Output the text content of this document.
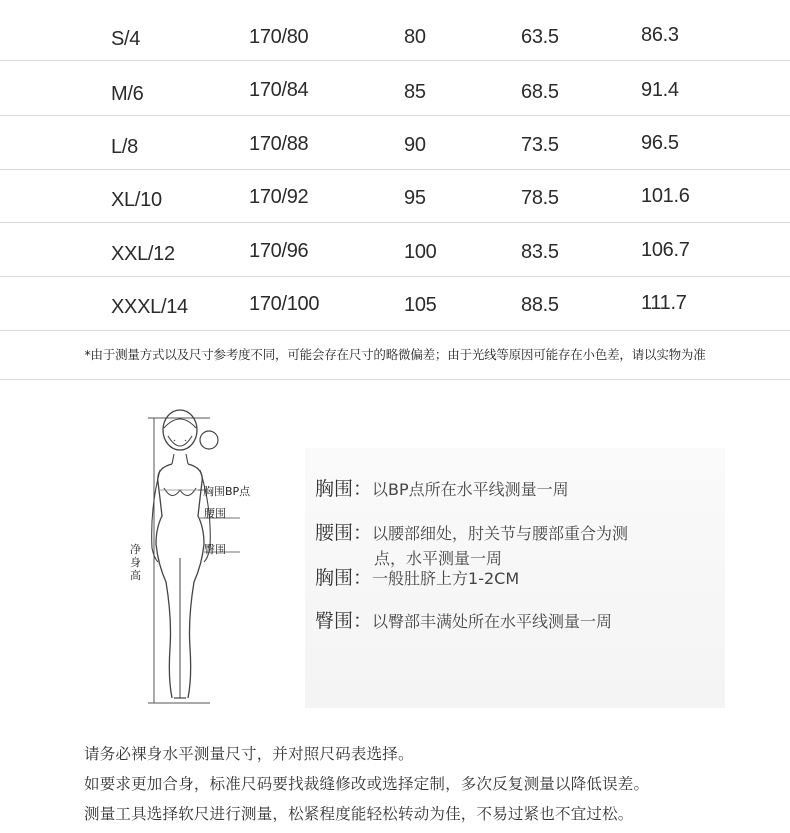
S/4	170/80	80	63.5	86.3
M/6	170/84	85	68.5	91.4
L/8	170/88	90	73.5	96.5
XL/10	170/92	95	78.5	101.6
XXL/12	170/96	100	83.5	106.7
XXXL/14	170/100	105	88.5	111.7
*由于测量方式以及尺寸参考度不同，可能会存在尺寸的略微偏差；由于光线等原因可能存在小色差，请以实物为准
胸围BP点
腰围
臀围
净身高
胸围：以BP点所在水平线测量一周
腰围：以腰部细处，肘关节与腰部重合为测
点，水平测量一周
胸围：一般肚脐上方1-2CM
臀围：以臀部丰满处所在水平线测量一周
请务必裸身水平测量尺寸，并对照尺码表选择。
如要求更加合身，标准尺码要找裁缝修改或选择定制，多次反复测量以降低误差。
测量工具选择软尺进行测量，松紧程度能轻松转动为佳，不易过紧也不宜过松。
